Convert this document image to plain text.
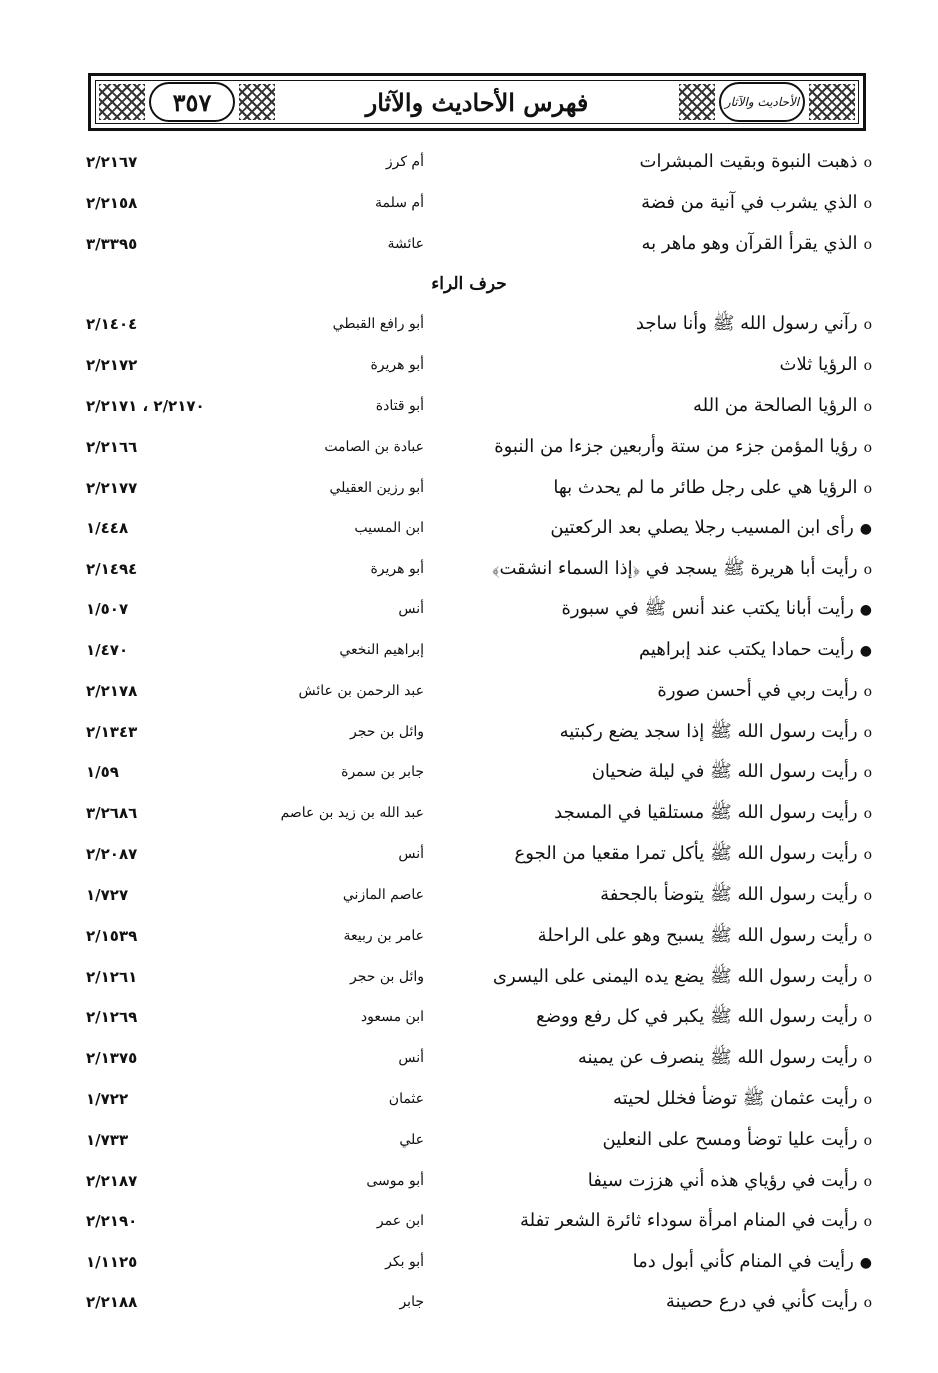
٣٥٧	فهرس الأحاديث والآثار	الأحاديث والآثار
حرف الراء
oذهبت النبوة وبقيت المبشرات
أم كرز
٢/٢١٦٧
oالذي يشرب في آنية من فضة
أم سلمة
٢/٢١٥٨
oالذي يقرأ القرآن وهو ماهر به
عائشة
٣/٣٣٩٥
oرآني رسول الله ﷺ وأنا ساجد
أبو رافع القبطي
٢/١٤٠٤
oالرؤيا ثلاث
أبو هريرة
٢/٢١٧٢
oالرؤيا الصالحة من الله
أبو قتادة
٢/٢١٧٠ ، ٢/٢١٧١
oرؤيا المؤمن جزء من ستة وأربعين جزءا من النبوة
عبادة بن الصامت
٢/٢١٦٦
oالرؤيا هي على رجل طائر ما لم يحدث بها
أبو رزين العقيلي
٢/٢١٧٧
●رأى ابن المسيب رجلا يصلي بعد الركعتين
ابن المسيب
١/٤٤٨
oرأيت أبا هريرة ﷺ يسجد في ﴿إذا السماء انشقت﴾
أبو هريرة
٢/١٤٩٤
●رأيت أبانا يكتب عند أنس ﷺ في سبورة
أنس
١/٥٠٧
●رأيت حمادا يكتب عند إبراهيم
إبراهيم النخعي
١/٤٧٠
oرأيت ربي في أحسن صورة
عبد الرحمن بن عائش
٢/٢١٧٨
oرأيت رسول الله ﷺ إذا سجد يضع ركبتيه
وائل بن حجر
٢/١٣٤٣
oرأيت رسول الله ﷺ في ليلة ضحيان
جابر بن سمرة
١/٥٩
oرأيت رسول الله ﷺ مستلقيا في المسجد
عبد الله بن زيد بن عاصم
٣/٢٦٨٦
oرأيت رسول الله ﷺ يأكل تمرا مقعيا من الجوع
أنس
٢/٢٠٨٧
oرأيت رسول الله ﷺ يتوضأ بالجحفة
عاصم المازني
١/٧٢٧
oرأيت رسول الله ﷺ يسبح وهو على الراحلة
عامر بن ربيعة
٢/١٥٣٩
oرأيت رسول الله ﷺ يضع يده اليمنى على اليسرى
وائل بن حجر
٢/١٢٦١
oرأيت رسول الله ﷺ يكبر في كل رفع ووضع
ابن مسعود
٢/١٢٦٩
oرأيت رسول الله ﷺ ينصرف عن يمينه
أنس
٢/١٣٧٥
oرأيت عثمان ﷺ توضأ فخلل لحيته
عثمان
١/٧٢٢
oرأيت عليا توضأ ومسح على النعلين
علي
١/٧٣٣
oرأيت في رؤياي هذه أني هززت سيفا
أبو موسى
٢/٢١٨٧
oرأيت في المنام امرأة سوداء ثائرة الشعر تفلة
ابن عمر
٢/٢١٩٠
●رأيت في المنام كأني أبول دما
أبو بكر
١/١١٢٥
oرأيت كأني في درع حصينة
جابر
٢/٢١٨٨
